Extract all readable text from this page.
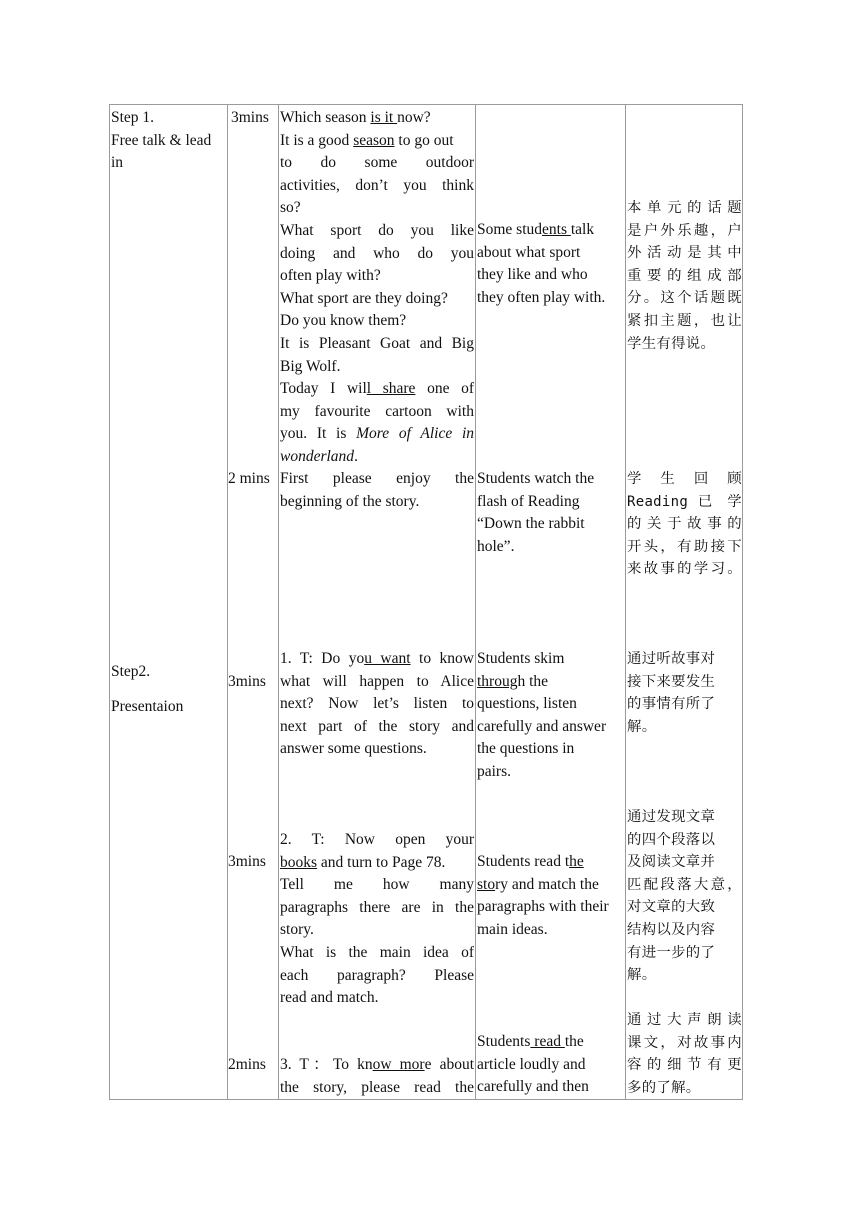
Step 1.
Free talk & lead
in
Step2.
Presentaion
3mins
2 mins
3mins
3mins
2mins
Which season is it now?
It is a good season to go out
to do some outdoor
activities, don’t you think
so?
What sport do you like
doing and who do you
often play with?
What sport are they doing?
Do you know them?
It is Pleasant Goat and Big
Big Wolf.
Today I will share one of
my favourite cartoon with
you. It is More of Alice in
wonderland.
First please enjoy the
beginning of the story.
1. T: Do you want to know
what will happen to Alice
next? Now let’s listen to
next part of the story and
answer some questions.
2. T: Now open your
books and turn to Page 78.
Tell me how many
paragraphs there are in the
story.
What is the main idea of
each paragraph? Please
read and match.
3. T：To know more about
the story, please read the
Some students talk
about what sport
they like and who
they often play with.
Students watch the
flash of Reading
“Down the rabbit
hole”.
Students skim
through the
questions, listen
carefully and answer
the questions in
pairs.
Students read the
story and match the
paragraphs with their
main ideas.
Students read the
article loudly and
carefully and then
本单元的话题
是户外乐趣，户
外活动是其中
重要的组成部
分。这个话题既
紧扣主题，也让
学生有得说。
学 生 回 顾
Reading 已 学
的关于故事的
开头，有助接下
来故事的学习。
通过听故事对
接下来要发生
的事情有所了
解。
通过发现文章
的四个段落以
及阅读文章并
匹配段落大意，
对文章的大致
结构以及内容
有进一步的了
解。
通过大声朗读
课文，对故事内
容的细节有更
多的了解。
